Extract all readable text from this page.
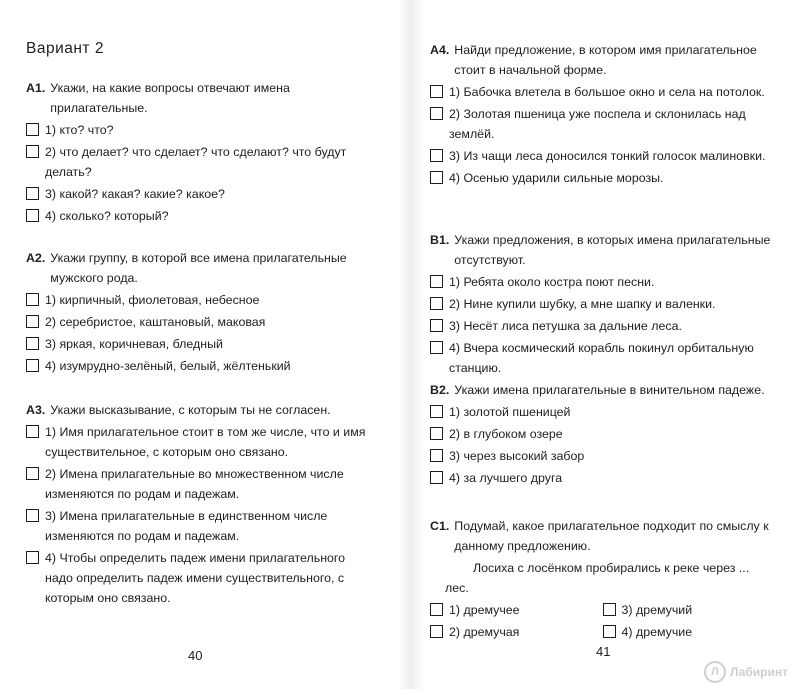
Вариант 2
А1. Укажи, на какие вопросы отвечают имена прилагательные.
1) кто? что?
2) что делает? что сделает? что сделают? что будут делать?
3) какой? какая? какие? какое?
4) сколько? который?
А2. Укажи группу, в которой все имена прилагательные мужского рода.
1) кирпичный, фиолетовая, небесное
2) серебристое, каштановый, маковая
3) яркая, коричневая, бледный
4) изумрудно-зелёный, белый, жёлтенький
А3. Укажи высказывание, с которым ты не согласен.
1) Имя прилагательное стоит в том же числе, что и имя существительное, с которым оно связано.
2) Имена прилагательные во множественном числе изменяются по родам и падежам.
3) Имена прилагательные в единственном числе изменяются по родам и падежам.
4) Чтобы определить падеж имени прилагательного надо определить падеж имени существительного, с которым оно связано.
40
А4. Найди предложение, в котором имя прилагательное стоит в начальной форме.
1) Бабочка влетела в большое окно и села на потолок.
2) Золотая пшеница уже поспела и склонилась над землёй.
3) Из чащи леса доносился тонкий голосок малиновки.
4) Осенью ударили сильные морозы.
В1. Укажи предложения, в которых имена прилагательные отсутствуют.
1) Ребята около костра поют песни.
2) Нине купили шубку, а мне шапку и валенки.
3) Несёт лиса петушка за дальние леса.
4) Вчера космический корабль покинул орбитальную станцию.
В2. Укажи имена прилагательные в винительном падеже.
1) золотой пшеницей
2) в глубоком озере
3) через высокий забор
4) за лучшего друга
С1. Подумай, какое прилагательное подходит по смыслу к данному предложению.
Лосиха с лосёнком пробирались к реке через ... лес.
1) дремучее	3) дремучий
2) дремучая	4) дремучие
41
Л Лабиринт
